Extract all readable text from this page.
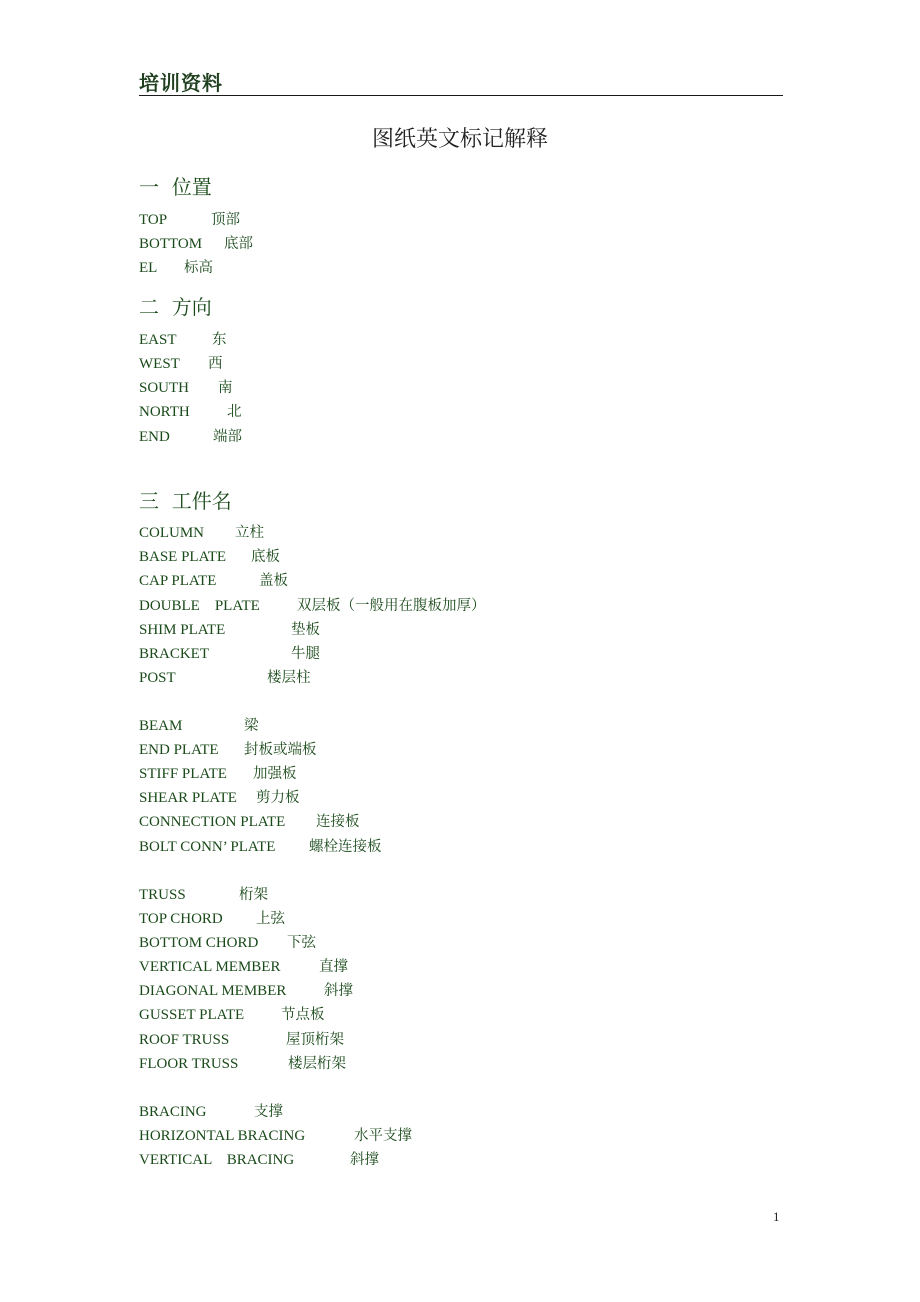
培训资料
图纸英文标记解释
一  位置
TOP	顶部
BOTTOM 底部
EL 标高
二  方向
EAST 东
WEST 西
SOUTH 南
NORTH	北
END	端部
三  工件名
COLUMN 立柱
BASE PLATE 底板
CAP PLATE	盖板
DOUBLE    PLATE	双层板（一般用在腹板加厚）
SHIM PLATE	垫板
BRACKET	牛腿
POST	楼层柱
BEAM	梁
END PLATE 封板或端板
STIFF PLATE 加强板
SHEAR PLATE 剪力板
CONNECTION PLATE 连接板
BOLT CONN’ PLATE 螺栓连接板
TRUSS	桁架
TOP CHORD 上弦
BOTTOM CHORD 下弦
VERTICAL MEMBER	直撑
DIAGONAL MEMBER	斜撑
GUSSET PLATE	节点板
ROOF TRUSS	屋顶桁架
FLOOR TRUSS	楼层桁架
BRACING	支撑
HORIZONTAL BRACING	水平支撑
VERTICAL    BRACING	斜撑
1
